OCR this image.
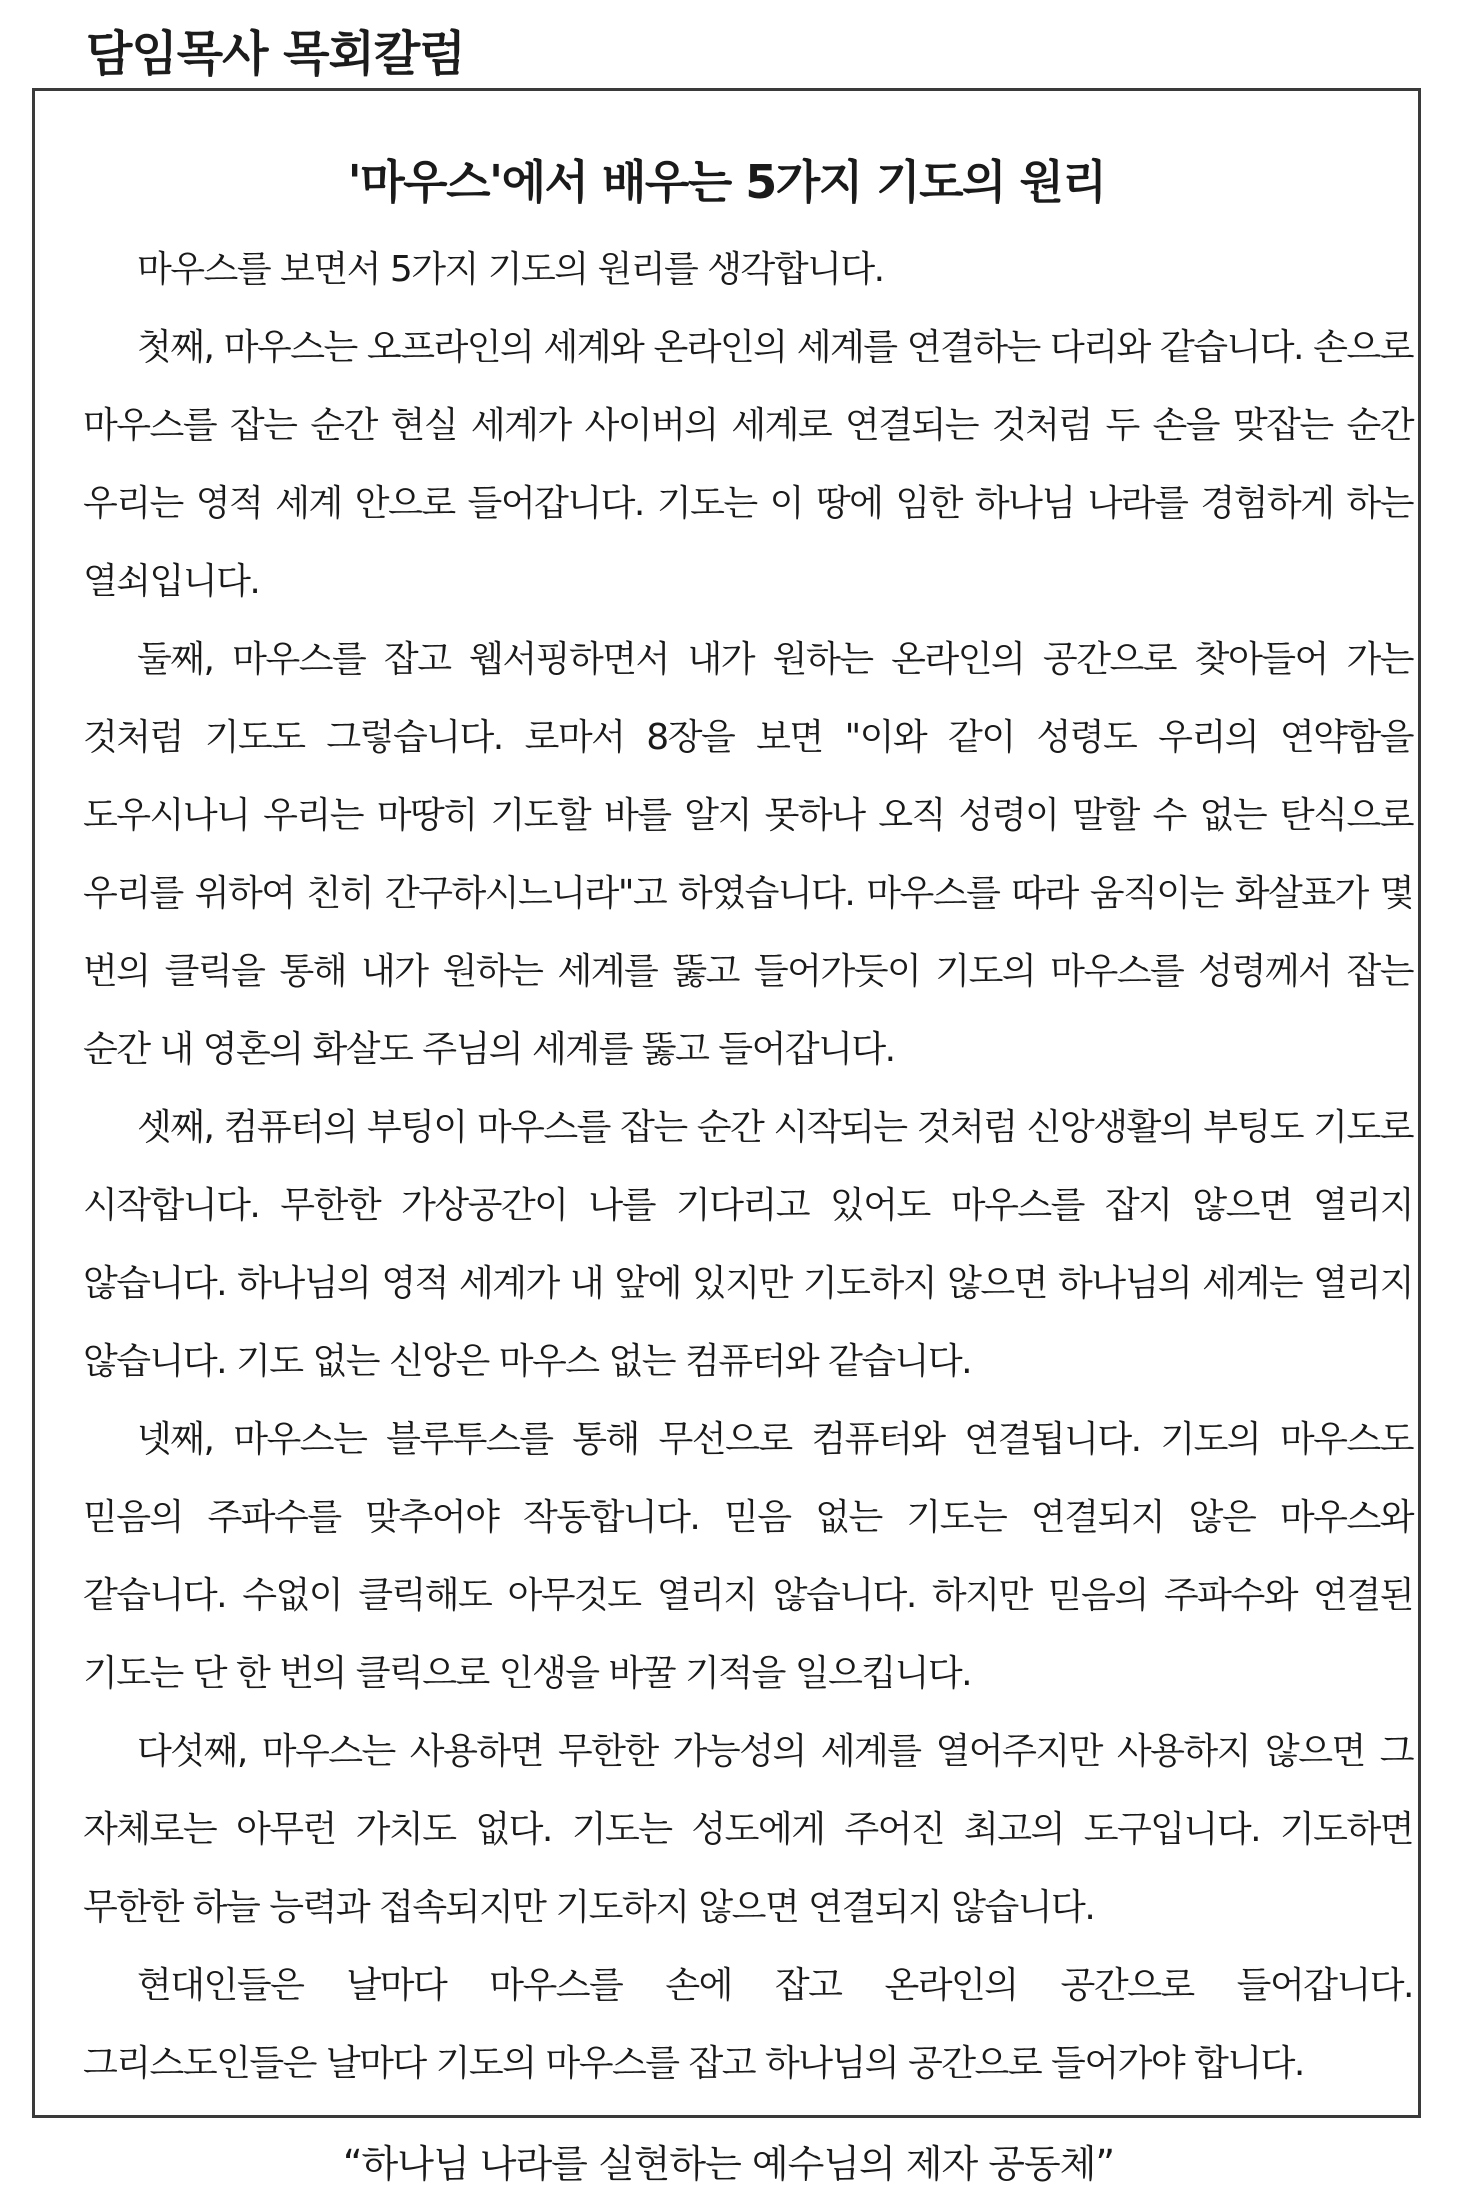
담임목사 목회칼럼
'마우스'에서 배우는 5가지 기도의 원리

마우스를 보면서 5가지 기도의 원리를 생각합니다.

첫째, 마우스는 오프라인의 세계와 온라인의 세계를 연결하는 다리와 같습니다. 손으로 마우스를 잡는 순간 현실 세계가 사이버의 세계로 연결되는 것처럼 두 손을 맞잡는 순간 우리는 영적 세계 안으로 들어갑니다. 기도는 이 땅에 임한 하나님 나라를 경험하게 하는 열쇠입니다.

둘째, 마우스를 잡고 웹서핑하면서 내가 원하는 온라인의 공간으로 찾아들어 가는 것처럼 기도도 그렇습니다. 로마서 8장을 보면 "이와 같이 성령도 우리의 연약함을 도우시나니 우리는 마땅히 기도할 바를 알지 못하나 오직 성령이 말할 수 없는 탄식으로 우리를 위하여 친히 간구하시느니라"고 하였습니다. 마우스를 따라 움직이는 화살표가 몇 번의 클릭을 통해 내가 원하는 세계를 뚫고 들어가듯이 기도의 마우스를 성령께서 잡는 순간 내 영혼의 화살도 주님의 세계를 뚫고 들어갑니다.

셋째, 컴퓨터의 부팅이 마우스를 잡는 순간 시작되는 것처럼 신앙생활의 부팅도 기도로 시작합니다. 무한한 가상공간이 나를 기다리고 있어도 마우스를 잡지 않으면 열리지 않습니다. 하나님의 영적 세계가 내 앞에 있지만 기도하지 않으면 하나님의 세계는 열리지 않습니다. 기도 없는 신앙은 마우스 없는 컴퓨터와 같습니다.

넷째, 마우스는 블루투스를 통해 무선으로 컴퓨터와 연결됩니다. 기도의 마우스도 믿음의 주파수를 맞추어야 작동합니다. 믿음 없는 기도는 연결되지 않은 마우스와 같습니다. 수없이 클릭해도 아무것도 열리지 않습니다. 하지만 믿음의 주파수와 연결된 기도는 단 한 번의 클릭으로 인생을 바꿀 기적을 일으킵니다.

다섯째, 마우스는 사용하면 무한한 가능성의 세계를 열어주지만 사용하지 않으면 그 자체로는 아무런 가치도 없다. 기도는 성도에게 주어진 최고의 도구입니다. 기도하면 무한한 하늘 능력과 접속되지만 기도하지 않으면 연결되지 않습니다.

현대인들은 날마다 마우스를 손에 잡고 온라인의 공간으로 들어갑니다. 그리스도인들은 날마다 기도의 마우스를 잡고 하나님의 공간으로 들어가야 합니다.

“하나님 나라를 실현하는 예수님의 제자 공동체”
